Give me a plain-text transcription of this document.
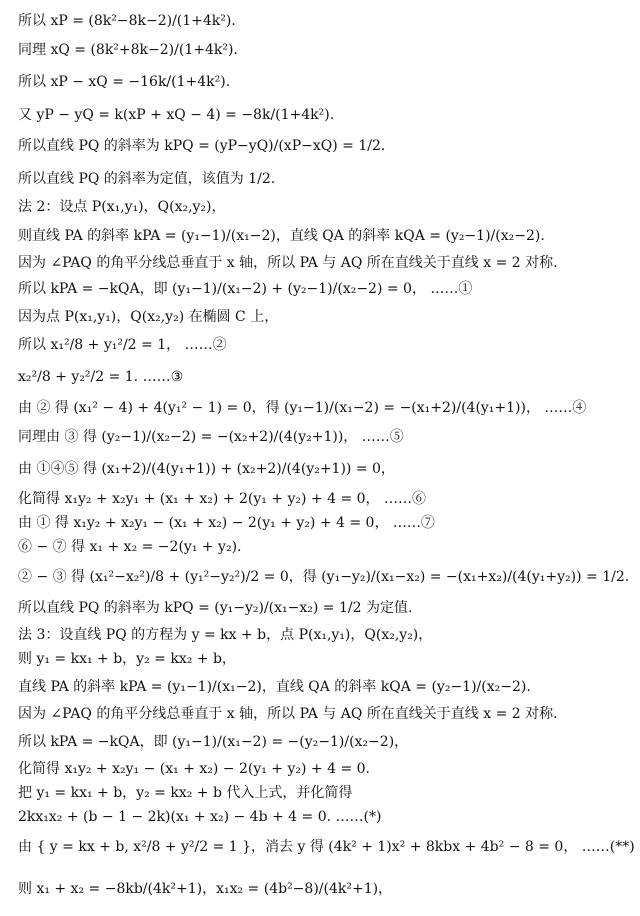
所以 xP = (8k²−8k−2)/(1+4k²).
同理 xQ = (8k²+8k−2)/(1+4k²).
所以 xP − xQ = −16k/(1+4k²).
又 yP − yQ = k(xP + xQ − 4) = −8k/(1+4k²).
所以直线 PQ 的斜率为 kPQ = (yP−yQ)/(xP−xQ) = 1/2.
所以直线 PQ 的斜率为定值，该值为 1/2.
法 2：设点 P(x₁,y₁)，Q(x₂,y₂)，
则直线 PA 的斜率 kPA = (y₁−1)/(x₁−2)，直线 QA 的斜率 kQA = (y₂−1)/(x₂−2).
因为 ∠PAQ 的角平分线总垂直于 x 轴，所以 PA 与 AQ 所在直线关于直线 x = 2 对称.
所以 kPA = −kQA，即 (y₁−1)/(x₁−2) + (y₂−1)/(x₂−2) = 0， ……①
因为点 P(x₁,y₁)，Q(x₂,y₂) 在椭圆 C 上，
所以 x₁²/8 + y₁²/2 = 1， ……②
x₂²/8 + y₂²/2 = 1. ……③
由 ② 得 (x₁² − 4) + 4(y₁² − 1) = 0，得 (y₁−1)/(x₁−2) = −(x₁+2)/(4(y₁+1))， ……④
同理由 ③ 得 (y₂−1)/(x₂−2) = −(x₂+2)/(4(y₂+1))， ……⑤
由 ①④⑤ 得 (x₁+2)/(4(y₁+1)) + (x₂+2)/(4(y₂+1)) = 0，
化简得 x₁y₂ + x₂y₁ + (x₁ + x₂) + 2(y₁ + y₂) + 4 = 0， ……⑥
由 ① 得 x₁y₂ + x₂y₁ − (x₁ + x₂) − 2(y₁ + y₂) + 4 = 0， ……⑦
⑥ − ⑦ 得 x₁ + x₂ = −2(y₁ + y₂).
② − ③ 得 (x₁²−x₂²)/8 + (y₁²−y₂²)/2 = 0，得 (y₁−y₂)/(x₁−x₂) = −(x₁+x₂)/(4(y₁+y₂)) = 1/2.
所以直线 PQ 的斜率为 kPQ = (y₁−y₂)/(x₁−x₂) = 1/2 为定值.
法 3：设直线 PQ 的方程为 y = kx + b，点 P(x₁,y₁)，Q(x₂,y₂)，
则 y₁ = kx₁ + b，y₂ = kx₂ + b，
直线 PA 的斜率 kPA = (y₁−1)/(x₁−2)，直线 QA 的斜率 kQA = (y₂−1)/(x₂−2).
因为 ∠PAQ 的角平分线总垂直于 x 轴，所以 PA 与 AQ 所在直线关于直线 x = 2 对称.
所以 kPA = −kQA，即 (y₁−1)/(x₁−2) = −(y₂−1)/(x₂−2)，
化简得 x₁y₂ + x₂y₁ − (x₁ + x₂) − 2(y₁ + y₂) + 4 = 0.
把 y₁ = kx₁ + b，y₂ = kx₂ + b 代入上式，并化简得
2kx₁x₂ + (b − 1 − 2k)(x₁ + x₂) − 4b + 4 = 0. ……(*)
由 { y = kx + b, x²/8 + y²/2 = 1 }，消去 y 得 (4k² + 1)x² + 8kbx + 4b² − 8 = 0， ……(**)
则 x₁ + x₂ = −8kb/(4k²+1)，x₁x₂ = (4b²−8)/(4k²+1)，
